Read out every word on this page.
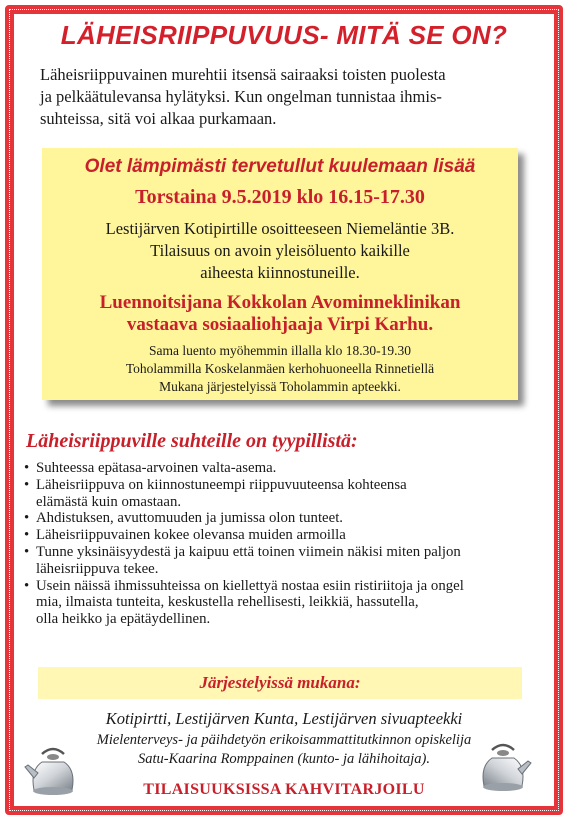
LÄHEISRIIPPUVUUS- MITÄ SE ON?
Läheisriippuvainen murehtii itsensä sairaaksi toisten puolesta
ja pelkäätulevansa hylätyksi. Kun ongelman tunnistaa ihmis-
suhteissa, sitä voi alkaa purkamaan.
Olet lämpimästi tervetullut kuulemaan lisää
Torstaina 9.5.2019 klo 16.15-17.30
Lestijärven Kotipirtille osoitteeseen Niemeläntie 3B.
Tilaisuus on avoin yleisöluento kaikille
aiheesta kiinnostuneille.
Luennoitsijana Kokkolan Avominneklinikan
vastaava sosiaaliohjaaja Virpi Karhu.
Sama luento myöhemmin illalla klo 18.30-19.30
Toholammilla Koskelanmäen kerhohuoneella Rinnetiellä
Mukana järjestelyissä Toholammin apteekki.
Läheisriippuville suhteille on tyypillistä:
• Suhteessa epätasa-arvoinen valta-asema.
• Läheisriippuva on kiinnostuneempi riippuvuuteensa kohteensa
elämästä kuin omastaan.
• Ahdistuksen, avuttomuuden ja jumissa olon tunteet.
• Läheisriippuvainen kokee olevansa muiden armoilla
• Tunne yksinäisyydestä ja kaipuu että toinen viimein näkisi miten paljon
läheisriippuva tekee.
• Usein näissä ihmissuhteissa on kiellettyä nostaa esiin ristiriitoja ja ongel
mia, ilmaista tunteita, keskustella rehellisesti, leikkiä, hassutella,
olla heikko ja epätäydellinen.
Järjestelyissä mukana:
Kotipirtti, Lestijärven Kunta, Lestijärven sivuapteekki
Mielenterveys- ja päihdetyön erikoisammattitutkinnon opiskelija
Satu-Kaarina Romppainen (kunto- ja lähihoitaja).
TILAISUUKSISSA KAHVITARJOILU
